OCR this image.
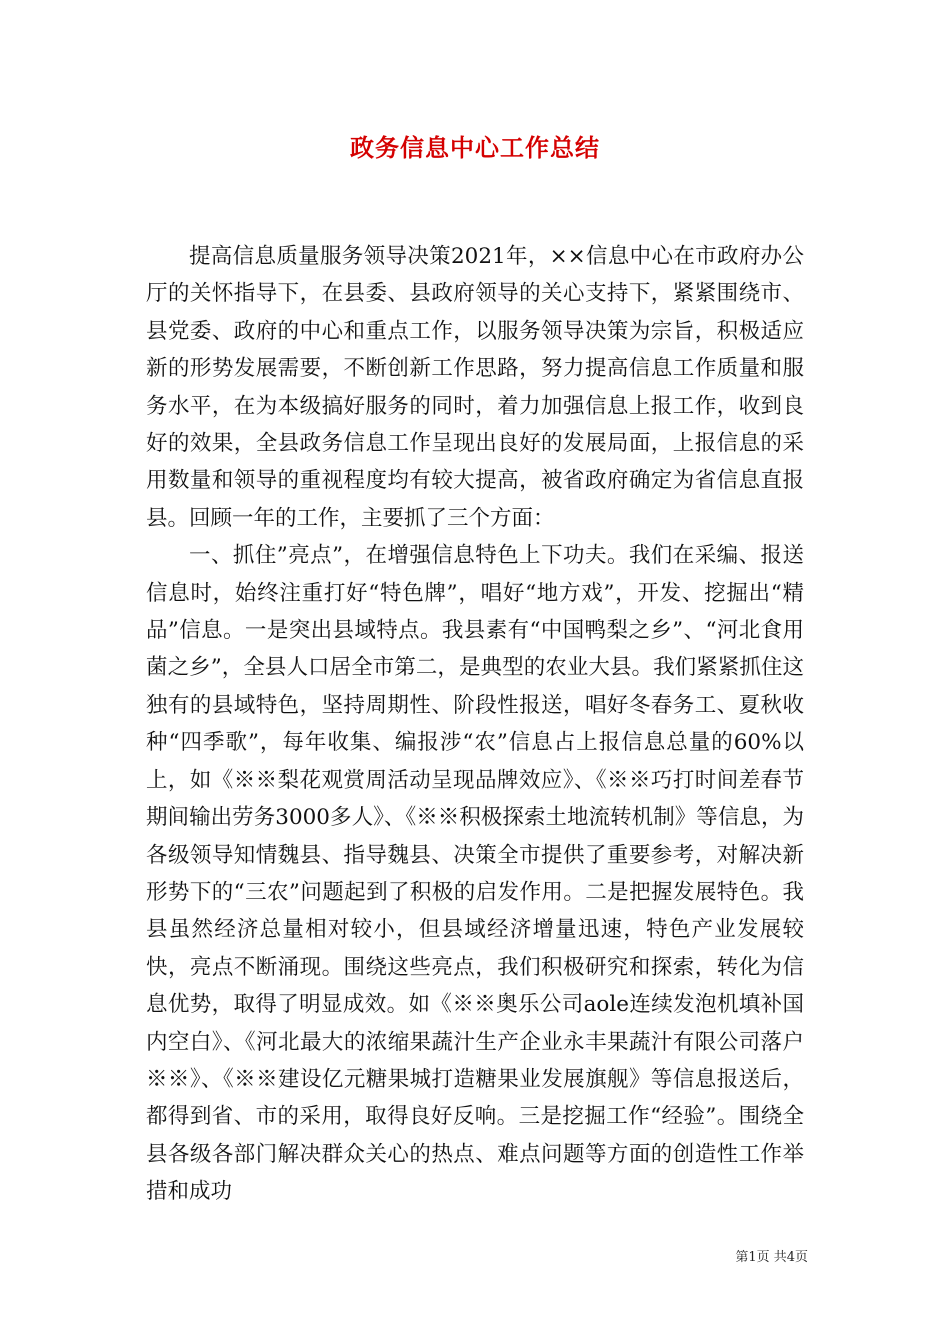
政务信息中心工作总结

提高信息质量服务领导决策2021年，××信息中心在市政府办公厅的关怀指导下，在县委、县政府领导的关心支持下，紧紧围绕市、县党委、政府的中心和重点工作，以服务领导决策为宗旨，积极适应新的形势发展需要，不断创新工作思路，努力提高信息工作质量和服务水平，在为本级搞好服务的同时，着力加强信息上报工作，收到良好的效果，全县政务信息工作呈现出良好的发展局面，上报信息的采用数量和领导的重视程度均有较大提高，被省政府确定为省信息直报县。回顾一年的工作，主要抓了三个方面：

一、抓住”亮点”，在增强信息特色上下功夫。我们在采编、报送信息时，始终注重打好“特色牌”，唱好“地方戏”，开发、挖掘出“精品”信息。一是突出县域特点。我县素有“中国鸭梨之乡”、“河北食用菌之乡”，全县人口居全市第二，是典型的农业大县。我们紧紧抓住这独有的县域特色，坚持周期性、阶段性报送，唱好冬春务工、夏秋收种“四季歌”，每年收集、编报涉“农”信息占上报信息总量的60%以上，如《※※梨花观赏周活动呈现品牌效应》、《※※巧打时间差春节期间输出劳务3000多人》、《※※积极探索土地流转机制》等信息，为各级领导知情魏县、指导魏县、决策全市提供了重要参考，对解决新形势下的“三农”问题起到了积极的启发作用。二是把握发展特色。我县虽然经济总量相对较小，但县域经济增量迅速，特色产业发展较快，亮点不断涌现。围绕这些亮点，我们积极研究和探索，转化为信息优势，取得了明显成效。如《※※奥乐公司aole连续发泡机填补国内空白》、《河北最大的浓缩果蔬汁生产企业永丰果蔬汁有限公司落户※※》、《※※建设亿元糖果城打造糖果业发展旗舰》等信息报送后，都得到省、市的采用，取得良好反响。三是挖掘工作“经验”。围绕全县各级各部门解决群众关心的热点、难点问题等方面的创造性工作举措和成功

第1页 共4页
